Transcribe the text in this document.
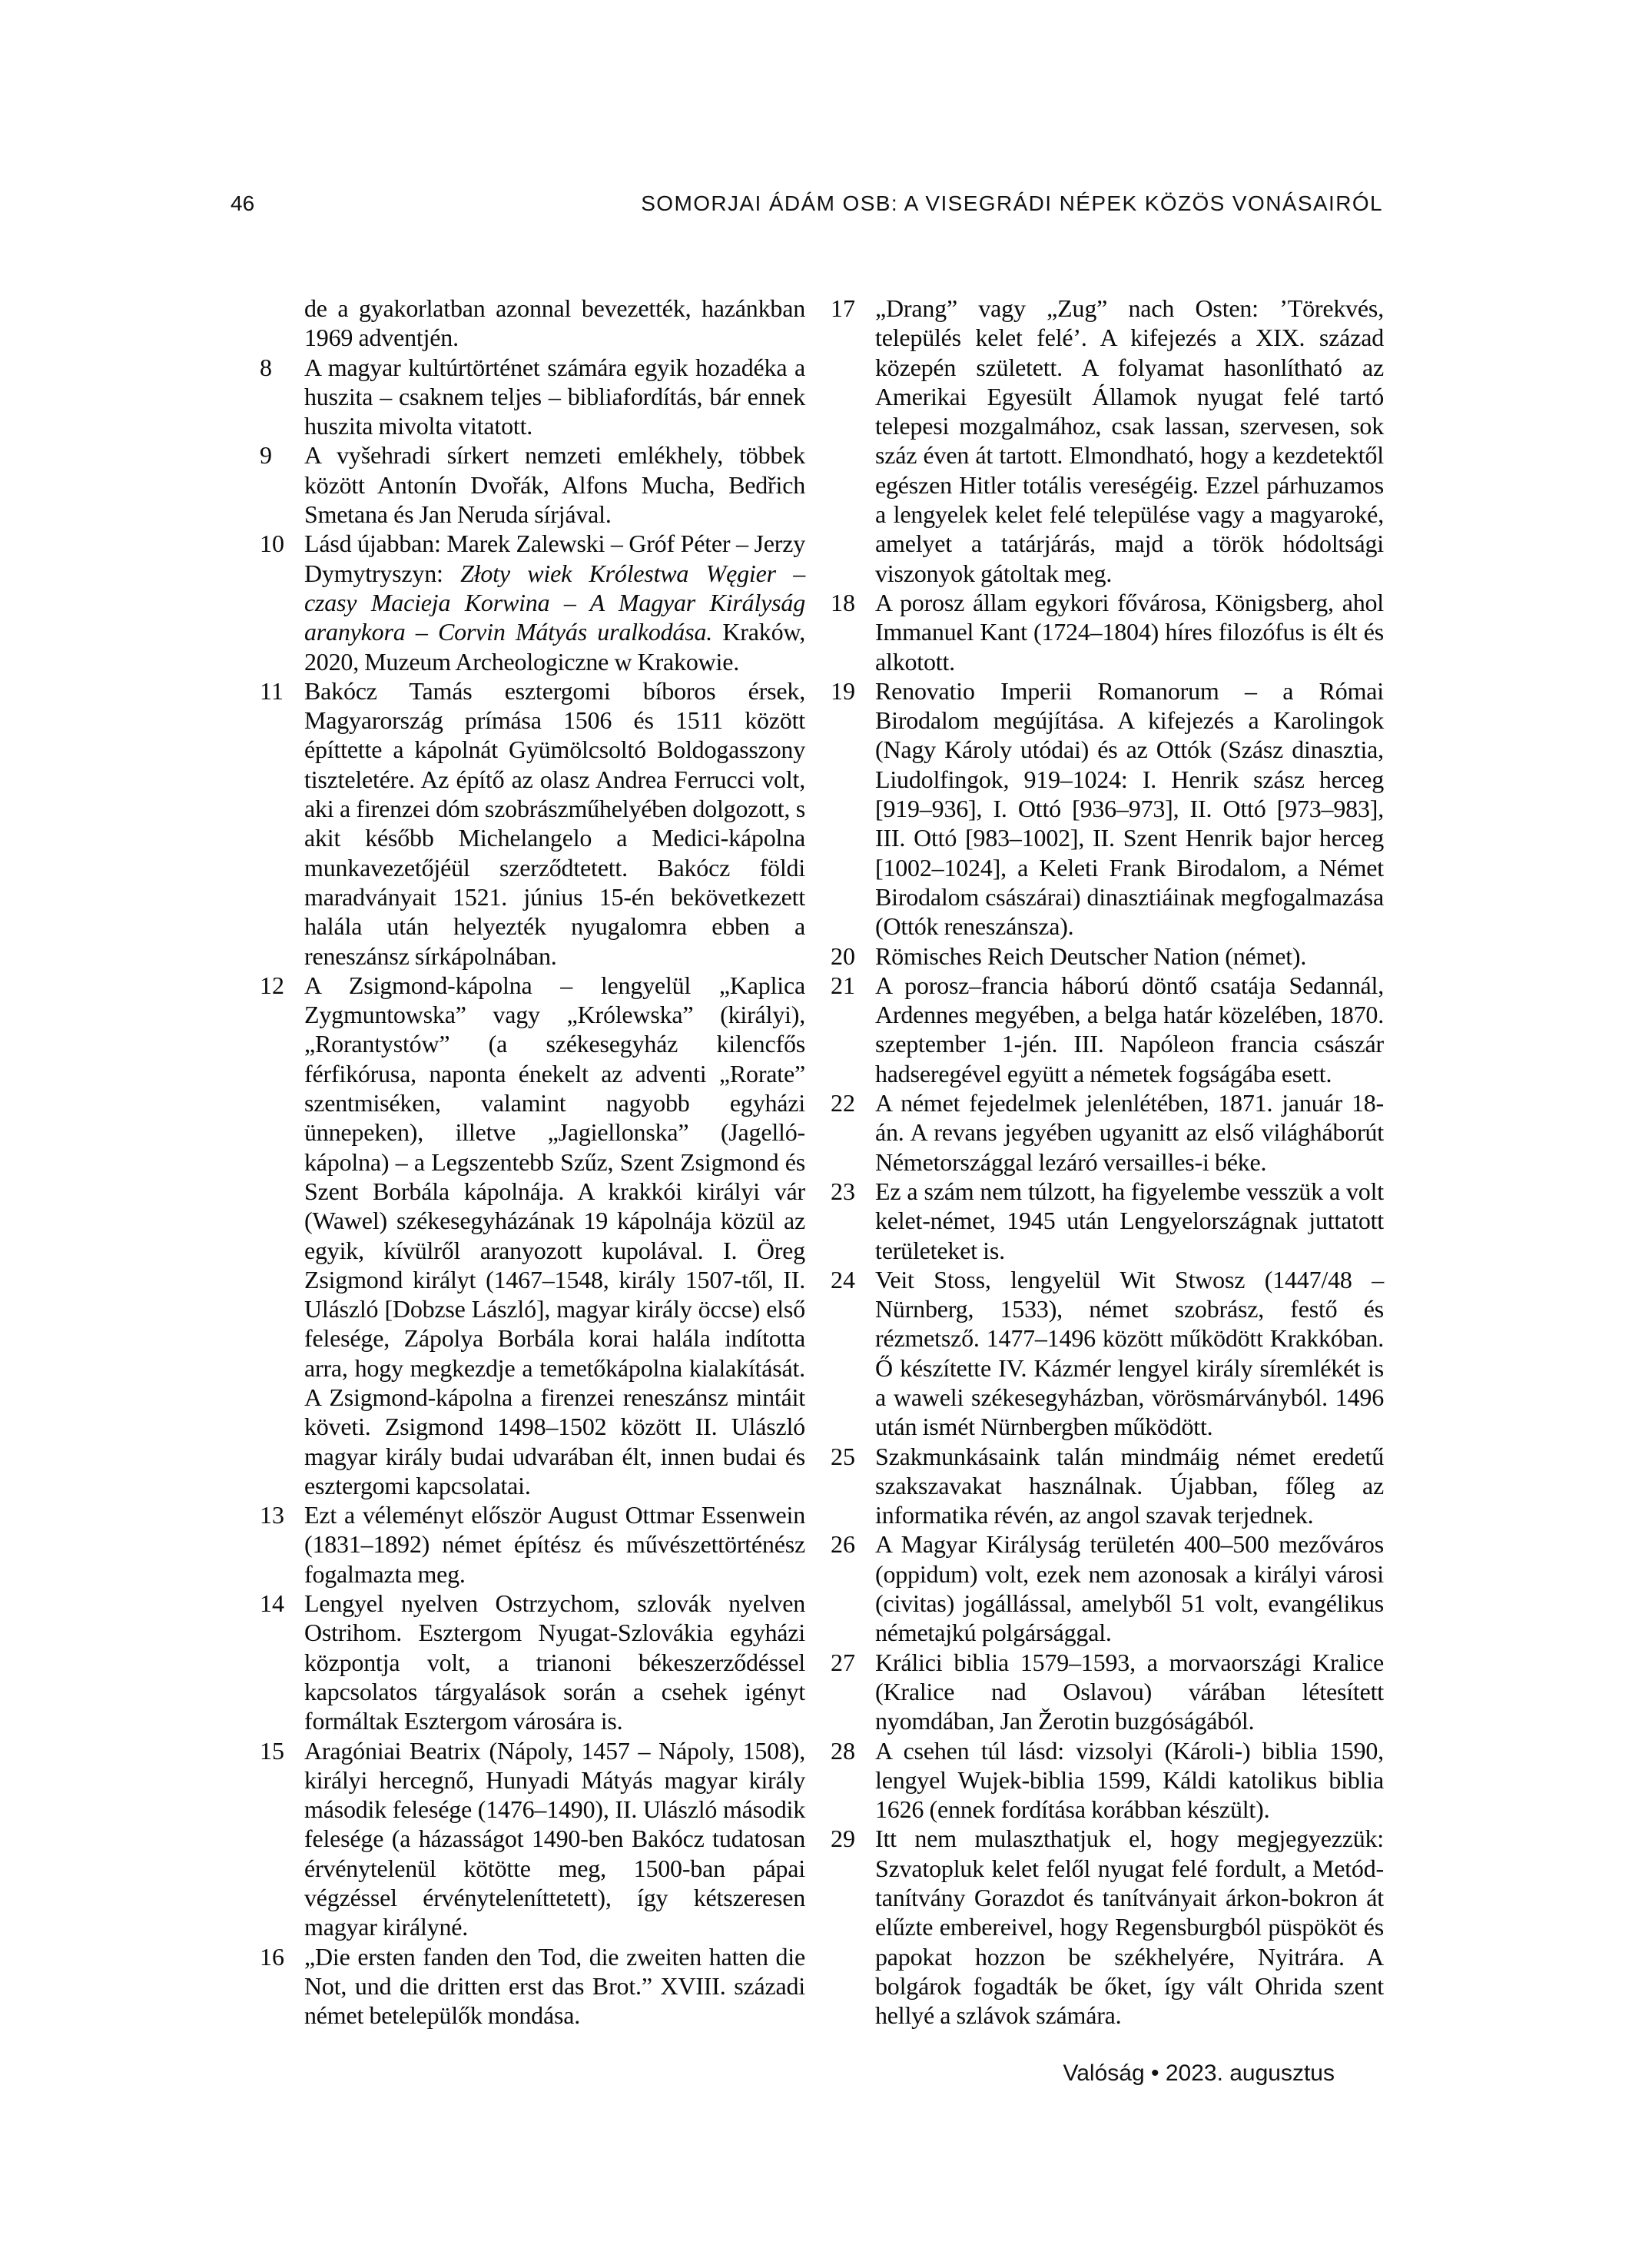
46	SOMORJAI ÁDÁM OSB: A VISEGRÁDI NÉPEK KÖZÖS VONÁSAIRÓL
de a gyakorlatban azonnal bevezették, hazánkban 1969 adventjén.
8	A magyar kultúrtörténet számára egyik hozadéka a huszita – csaknem teljes – bibliafordítás, bár ennek huszita mivolta vitatott.
9	A vyšehradi sírkert nemzeti emlékhely, többek között Antonín Dvořák, Alfons Mucha, Bedřich Smetana és Jan Neruda sírjával.
10 Lásd újabban: Marek Zalewski – Gróf Péter – Jerzy Dymytryszyn: Złoty wiek Królestwa Węgier – czasy Macieja Korwina – A Magyar Királyság aranykora – Corvin Mátyás uralkodása. Kraków, 2020, Muzeum Archeologiczne w Krakowie.
11 Bakócz Tamás esztergomi bíboros érsek, Magyarország prímása 1506 és 1511 között építtette a kápolnát Gyümölcsoltó Boldogasszony tiszteletére. Az építő az olasz Andrea Ferrucci volt, aki a firenzei dóm szobrászműhelyében dolgozott, s akit később Michelangelo a Medici-kápolna munkavezetőjéül szerződtetett. Bakócz földi maradványait 1521. június 15-én bekövetkezett halála után helyezték nyugalomra ebben a reneszánsz sírkápolnában.
12 A Zsigmond-kápolna – lengyelül „Kaplica Zygmuntowska” vagy „Królewska” (királyi), „Rorantystów” (a székesegyház kilencfős férfikórusa, naponta énekelt az adventi „Rorate” szentmiséken, valamint nagyobb egyházi ünnepeken), illetve „Jagiellonska” (Jagelló-kápolna) – a Legszentebb Szűz, Szent Zsigmond és Szent Borbála kápolnája. A krakkói királyi vár (Wawel) székesegyházának 19 kápolnája közül az egyik, kívülről aranyozott kupolával. I. Öreg Zsigmond királyt (1467–1548, király 1507-től, II. Ulászló [Dobzse László], magyar király öccse) első felesége, Zápolya Borbála korai halála indította arra, hogy megkezdje a temetőkápolna kialakítását. A Zsigmond-kápolna a firenzei reneszánsz mintáit követi. Zsigmond 1498–1502 között II. Ulászló magyar király budai udvarában élt, innen budai és esztergomi kapcsolatai.
13 Ezt a véleményt először August Ottmar Essenwein (1831–1892) német építész és művészettörténész fogalmazta meg.
14 Lengyel nyelven Ostrzychom, szlovák nyelven Ostrihom. Esztergom Nyugat-Szlovákia egyházi központja volt, a trianoni békeszerződéssel kapcsolatos tárgyalások során a csehek igényt formáltak Esztergom városára is.
15 Aragóniai Beatrix (Nápoly, 1457 – Nápoly, 1508), királyi hercegnő, Hunyadi Mátyás magyar király második felesége (1476–1490), II. Ulászló második felesége (a házasságot 1490-ben Bakócz tudatosan érvénytelenül kötötte meg, 1500-ban pápai végzéssel érvényteleníttetett), így kétszeresen magyar királyné.
16 „Die ersten fanden den Tod, die zweiten hatten die Not, und die dritten erst das Brot.” XVIII. századi német betelepülők mondása.
17 „Drang” vagy „Zug” nach Osten: ’Törekvés, település kelet felé’. A kifejezés a XIX. század közepén született. A folyamat hasonlítható az Amerikai Egyesült Államok nyugat felé tartó telepesi mozgalmához, csak lassan, szervesen, sok száz éven át tartott. Elmondható, hogy a kezdetektől egészen Hitler totális vereségéig. Ezzel párhuzamos a lengyelek kelet felé települése vagy a magyaroké, amelyet a tatárjárás, majd a török hódoltsági viszonyok gátoltak meg.
18 A porosz állam egykori fővárosa, Königsberg, ahol Immanuel Kant (1724–1804) híres filozófus is élt és alkotott.
19 Renovatio Imperii Romanorum – a Római Birodalom megújítása. A kifejezés a Karolingok (Nagy Károly utódai) és az Ottók (Szász dinasztia, Liudolfingok, 919–1024: I. Henrik szász herceg [919–936], I. Ottó [936–973], II. Ottó [973–983], III. Ottó [983–1002], II. Szent Henrik bajor herceg [1002–1024], a Keleti Frank Birodalom, a Német Birodalom császárai) dinasztiáinak megfogalmazása (Ottók reneszánsza).
20 Römisches Reich Deutscher Nation (német).
21 A porosz–francia háború döntő csatája Sedannál, Ardennes megyében, a belga határ közelében, 1870. szeptember 1-jén. III. Napóleon francia császár hadseregével együtt a németek fogságába esett.
22 A német fejedelmek jelenlétében, 1871. január 18-án. A revans jegyében ugyanitt az első világháborút Németországgal lezáró versailles-i béke.
23 Ez a szám nem túlzott, ha figyelembe vesszük a volt kelet-német, 1945 után Lengyelországnak juttatott területeket is.
24 Veit Stoss, lengyelül Wit Stwosz (1447/48 – Nürnberg, 1533), német szobrász, festő és rézmetsző. 1477–1496 között működött Krakkóban. Ő készítette IV. Kázmér lengyel király síremlékét is a waweli székesegyházban, vörösmárványból. 1496 után ismét Nürnbergben működött.
25 Szakmunkásaink talán mindmáig német eredetű szakszavakat használnak. Újabban, főleg az informatika révén, az angol szavak terjednek.
26 A Magyar Királyság területén 400–500 mezőváros (oppidum) volt, ezek nem azonosak a királyi városi (civitas) jogállással, amelyből 51 volt, evangélikus németajkú polgársággal.
27 Králici biblia 1579–1593, a morvaországi Kralice (Kralice nad Oslavou) várában létesített nyomdában, Jan Žerotin buzgóságából.
28 A csehen túl lásd: vizsolyi (Károli-) biblia 1590, lengyel Wujek-biblia 1599, Káldi katolikus biblia 1626 (ennek fordítása korábban készült).
29 Itt nem mulaszthatjuk el, hogy megjegyezzük: Szvatopluk kelet felől nyugat felé fordult, a Metód-tanítvány Gorazdot és tanítványait árkon-bokron át elűzte embereivel, hogy Regensburgból püspököt és papokat hozzon be székhelyére, Nyitrára. A bolgárok fogadták be őket, így vált Ohrida szent hellyé a szlávok számára.
Valóság • 2023. augusztus
